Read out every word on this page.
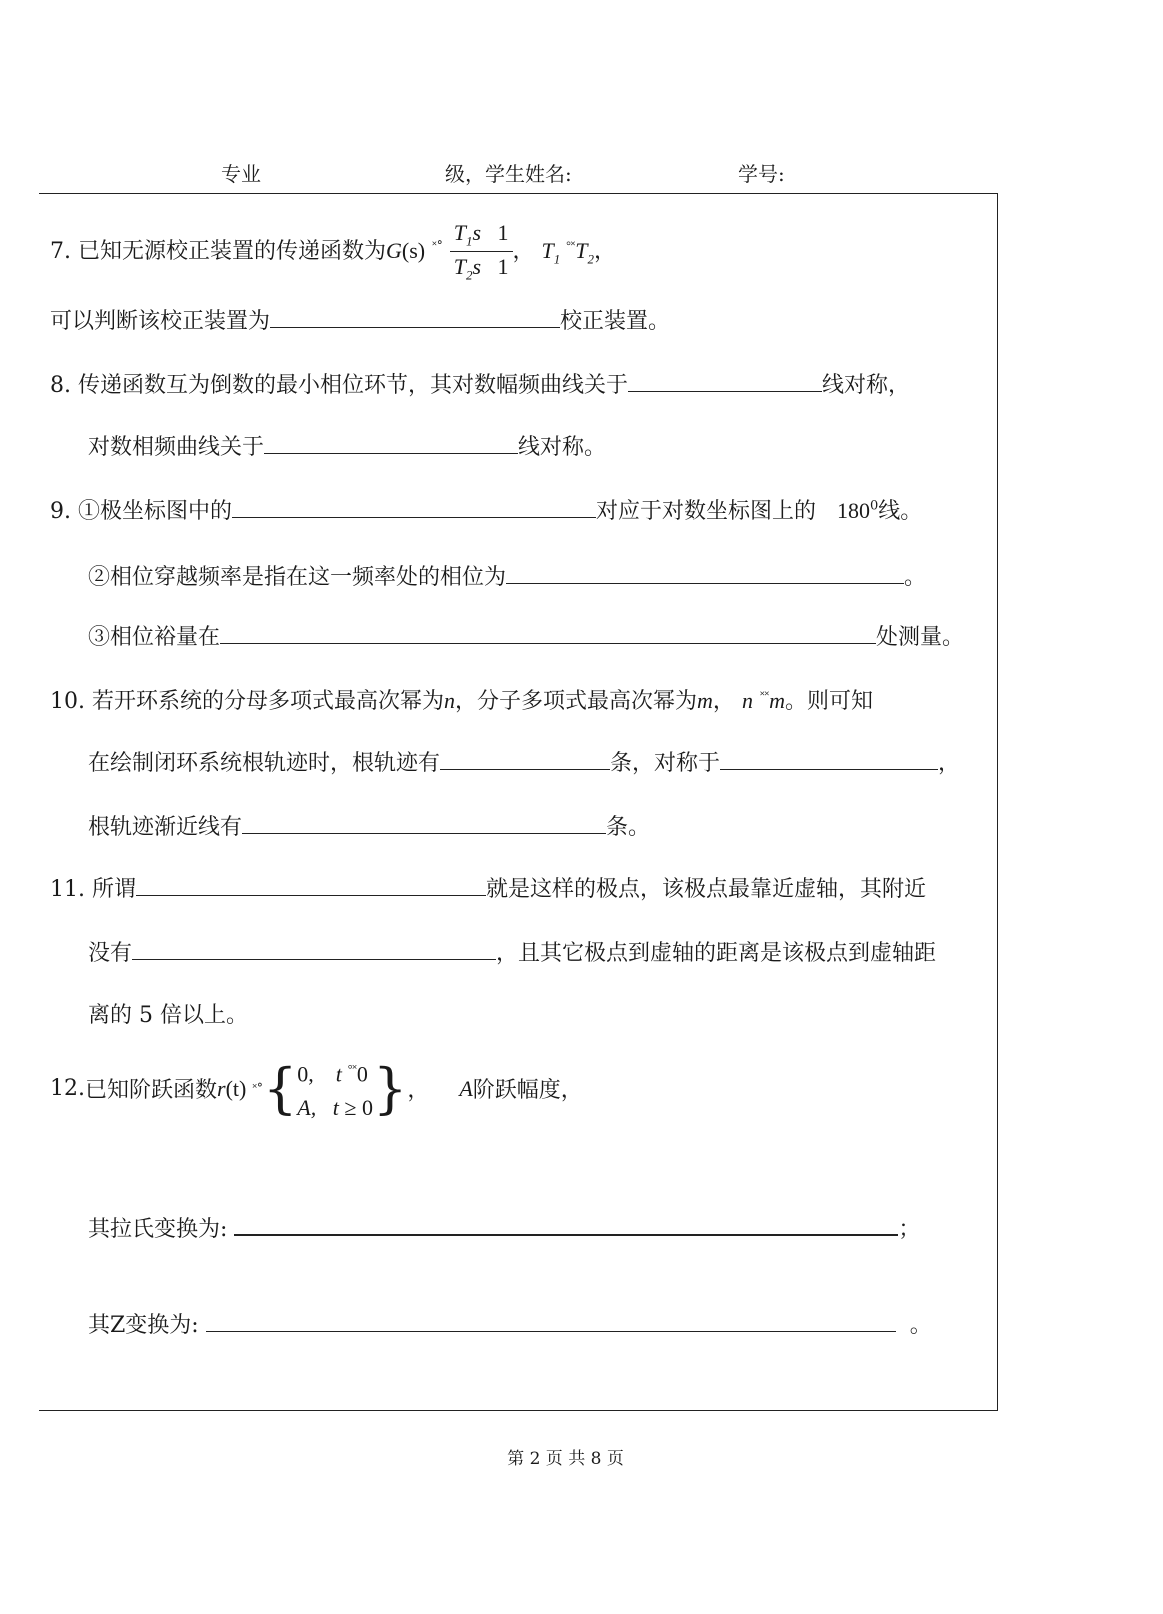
专业	级，学生姓名:	学号:
7. 已知无源校正装置的传递函数为G(s) $^{˟^\circ} \frac{T_1s 1}{T_2s 1}$ ， $T_1$ $^{^\circ˟}T_2$，
可以判断该校正装置为	校正装置。
8. 传递函数互为倒数的最小相位环节，其对数幅频曲线关于	线对称，
对数相频曲线关于	线对称。
9. ①极坐标图中的	对应于对数坐标图上的 $180^0$线。
②相位穿越频率是指在这一频率处的相位为	。
③相位裕量在	处测量。
10. 若开环系统的分母多项式最高次幂为n，分子多项式最高次幂为m， n ˟˟m。则可知
在绘制闭环系统根轨迹时，根轨迹有	条，对称于	，
根轨迹渐近线有	条。
11. 所谓	就是这样的极点，该极点最靠近虚轴，其附近
没有	，且其它极点到虚轴的距离是该极点到虚轴距
离的 5 倍以上。
12. 已知阶跃函数 r (t) ˟° { 0, t °˟0
A, t ≥ 0 } ， A 阶跃幅度，
其拉氏变换为:	；
其Z变换为:	。
第 2 页 共 8 页
